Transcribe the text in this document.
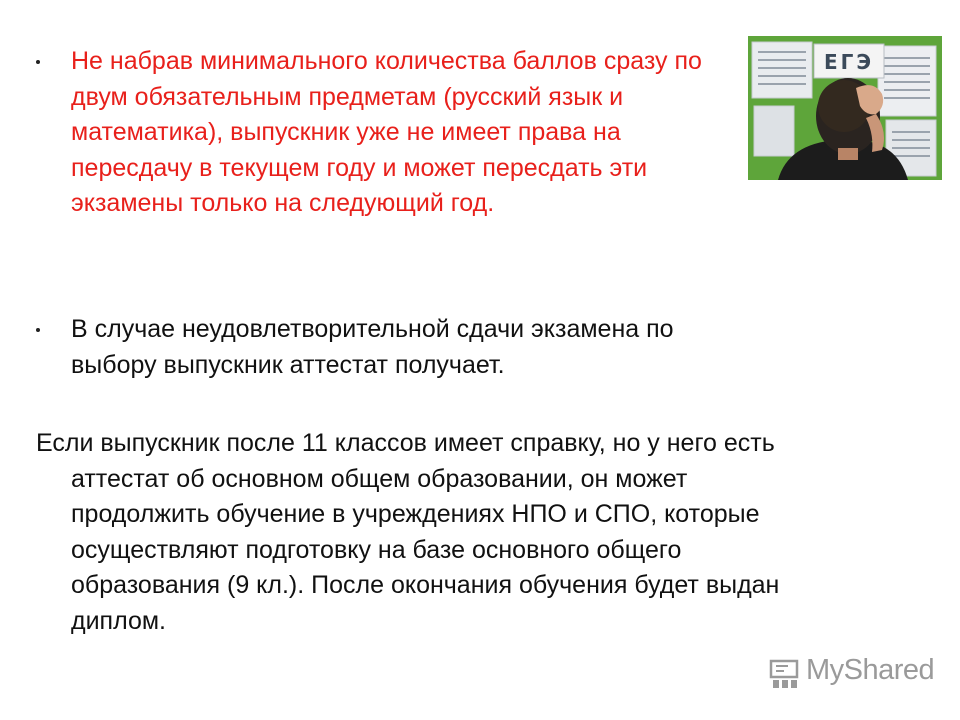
Не набрав минимального количества баллов сразу по двум обязательным предметам (русский язык и математика), выпускник уже не имеет права на пересдачу в текущем году и может пересдать эти экзамены только на следующий год.

В случае неудовлетворительной сдачи экзамена по выбору выпускник аттестат получает.

Если выпускник после 11 классов имеет справку, но у него есть аттестат об основном общем образовании, он может продолжить обучение в учреждениях НПО и СПО, которые осуществляют подготовку на базе основного общего образования (9 кл.). После окончания обучения будет выдан диплом.

ЕГЭ
MyShared
